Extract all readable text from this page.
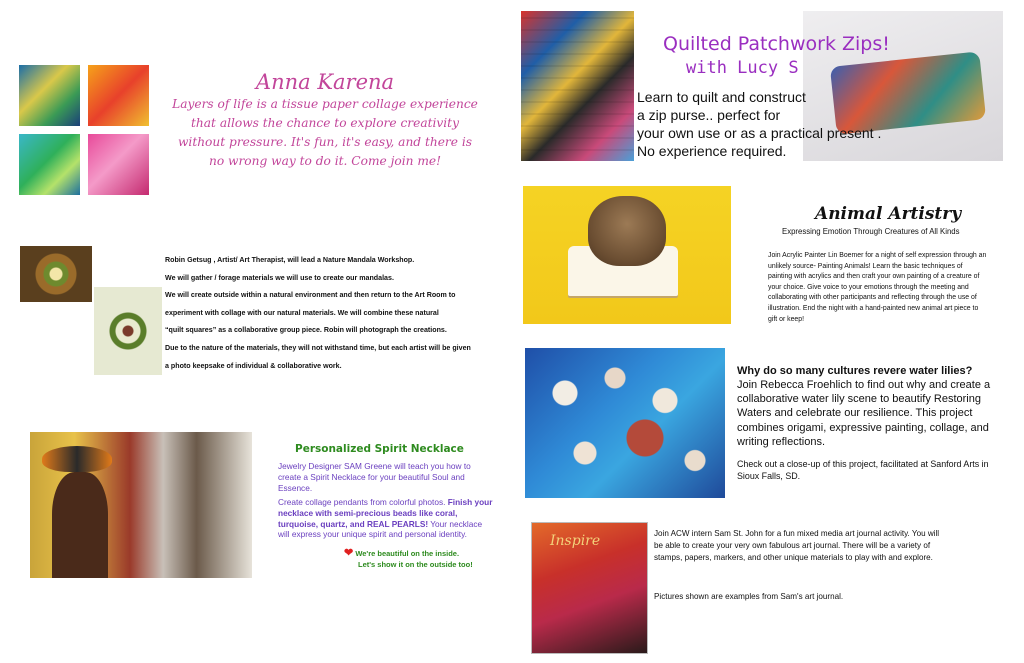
Anna Karena
Layers of life is a tissue paper collage experience
that allows the chance to explore creativity
without pressure. It's fun, it's easy, and there is
no wrong way to do it. Come join me!
Robin Getsug , Artist/ Art Therapist, will lead a Nature Mandala Workshop.
We will gather / forage materials we will use to create our mandalas.
We will create outside within a natural environment and then return to the Art Room to
experiment with collage with our natural materials. We will combine these natural
“quilt squares” as a collaborative group piece. Robin will photograph the creations.
Due to the nature of the materials, they will not withstand time, but each artist will be given
a photo keepsake of individual & collaborative work.
Personalized Spirit Necklace
Jewelry Designer SAM Greene will teach you how to create a Spirit Necklace for your beautiful Soul and Essence.
Create collage pendants from colorful photos. Finish your necklace with semi-precious beads like coral, turquoise, quartz, and REAL PEARLS! Your necklace will express your unique spirit and personal identity.
❤ We're beautiful on the inside.
Let's show it on the outside too!
Quilted Patchwork Zips!
with Lucy S
Learn to quilt and construct
a zip purse.. perfect for
your own use or as a practical present .
No experience required.
Animal Artistry
Expressing Emotion Through Creatures of All Kinds
Join Acrylic Painter Lin Boemer for a night of self expression through an unlikely source- Painting Animals! Learn the basic techniques of painting with acrylics and then craft your own painting of a creature of your choice. Give voice to your emotions through the meeting and collaborating with other participants and reflecting through the use of illustration. End the night with a hand-painted new animal art piece to gift or keep!
Why do so many cultures revere water lilies?
Join Rebecca Froehlich to find out why and create a collaborative water lily scene to beautify Restoring Waters and celebrate our resilience. This project combines origami, expressive painting, collage, and writing reflections.
Check out a close-up of this project, facilitated at Sanford Arts in Sioux Falls, SD.
Inspire	Join ACW intern Sam St. John for a fun mixed media art journal activity. You will be able to create your very own fabulous art journal. There will be a variety of stamps, papers, markers, and other unique materials to play with and explore.
Pictures shown are examples from Sam's art journal.
